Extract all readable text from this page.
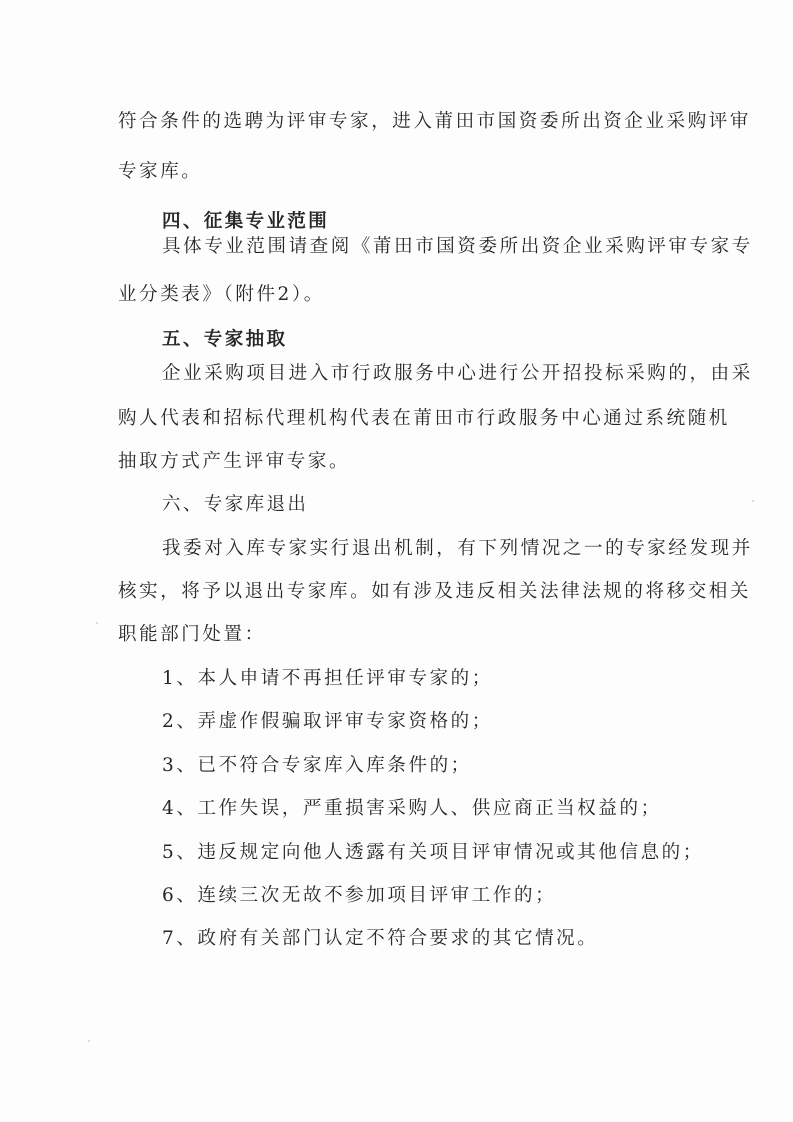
符合条件的选聘为评审专家，进入莆田市国资委所出资企业采购评审
专家库。
四、征集专业范围
具体专业范围请查阅《莆田市国资委所出资企业采购评审专家专
业分类表》（附件2）。
五、专家抽取
企业采购项目进入市行政服务中心进行公开招投标采购的，由采
购人代表和招标代理机构代表在莆田市行政服务中心通过系统随机
抽取方式产生评审专家。
六、专家库退出
我委对入库专家实行退出机制，有下列情况之一的专家经发现并
核实，将予以退出专家库。如有涉及违反相关法律法规的将移交相关
职能部门处置：
1、本人申请不再担任评审专家的；
2、弄虚作假骗取评审专家资格的；
3、已不符合专家库入库条件的；
4、工作失误，严重损害采购人、供应商正当权益的；
5、违反规定向他人透露有关项目评审情况或其他信息的；
6、连续三次无故不参加项目评审工作的；
7、政府有关部门认定不符合要求的其它情况。
